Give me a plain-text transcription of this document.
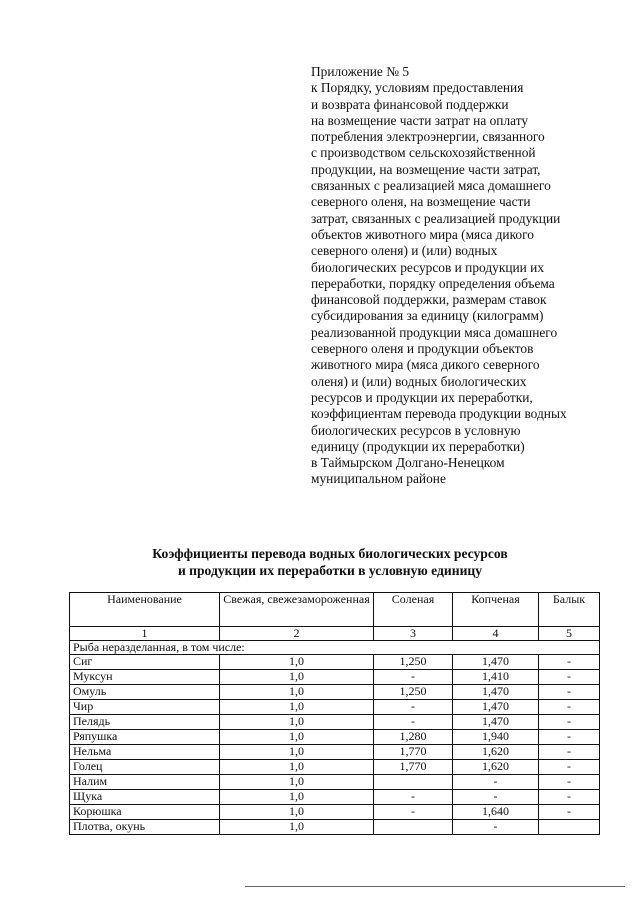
Приложение № 5
к Порядку, условиям предоставления
и возврата финансовой поддержки
на возмещение части затрат на оплату
потребления электроэнергии, связанного
с производством сельскохозяйственной
продукции, на возмещение части затрат,
связанных с реализацией мяса домашнего
северного оленя, на возмещение части
затрат, связанных с реализацией продукции
объектов животного мира (мяса дикого
северного оленя) и (или) водных
биологических ресурсов и продукции их
переработки, порядку определения объема
финансовой поддержки, размерам ставок
субсидирования за единицу (килограмм)
реализованной продукции мяса домашнего
северного оленя и продукции объектов
животного мира (мяса дикого северного
оленя) и (или) водных биологических
ресурсов и продукции их переработки,
коэффициентам перевода продукции водных
биологических ресурсов в условную
единицу (продукции их переработки)
в Таймырском Долгано-Ненецком
муниципальном районе
Коэффициенты перевода водных биологических ресурсов
и продукции их переработки в условную единицу
Наименование	Свежая, свежезамороженная	Соленая	Копченая	Балык
1	2	3	4	5
Рыба неразделанная, в том числе:				
Сиг	1,0	1,250	1,470	-
Муксун	1,0	-	1,410	-
Омуль	1,0	1,250	1,470	-
Чир	1,0	-	1,470	-
Пелядь	1,0	-	1,470	-
Ряпушка	1,0	1,280	1,940	-
Нельма	1,0	1,770	1,620	-
Голец	1,0	1,770	1,620	-
Налим	1,0		-	-
Щука	1,0	-	-	-
Корюшка	1,0	-	1,640	-
Плотва, окунь	1,0		-	
